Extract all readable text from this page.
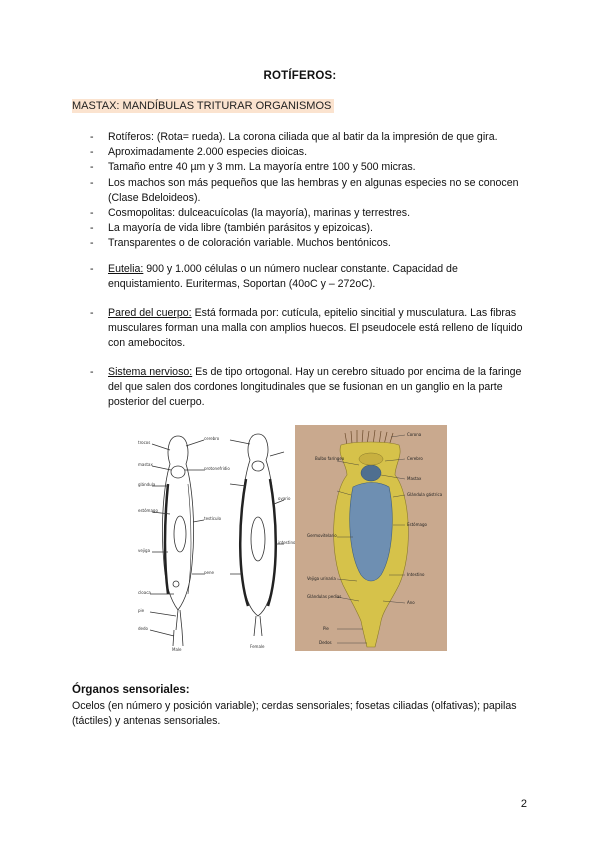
ROTÍFEROS:
MASTAX: MANDÍBULAS TRITURAR ORGANISMOS
- Rotíferos: (Rota= rueda). La corona ciliada que al batir da la impresión de que gira.
- Aproximadamente 2.000 especies dioicas.
- Tamaño entre 40 µm y 3 mm. La mayoría entre 100 y 500 micras.
- Los machos son más pequeños que las hembras y en algunas especies no se conocen (Clase Bdeloideos).
- Cosmopolitas: dulceacuícolas (la mayoría), marinas y terrestres.
- La mayoría de vida libre (también parásitos y epizoicas).
- Transparentes o de coloración variable. Muchos bentónicos.
- Eutelia: 900 y 1.000 células o un número nuclear constante. Capacidad de enquistamiento. Euritermas, Soportan (40oC y – 272oC).
- Pared del cuerpo: Está formada por: cutícula, epitelio sincitial y musculatura. Las fibras musculares forman una malla con amplios huecos. El pseudocele está relleno de líquido con amebocitos.
- Sistema nervioso: Es de tipo ortogonal. Hay un cerebro situado por encima de la faringe del que salen dos cordones longitudinales que se fusionan en un ganglio en la parte posterior del cuerpo.
trocos
mastax
glándula
estómago
vejiga
cloaca
pie
dedo
cerebro
protonefridio
testículo
pene
Male
Female
ovario
intestino
Corona
Bulbo faríngeo	Cerebro
Mastax
Glándula gástrica
Estómago
Germovitelario
Intestino
Vejiga urinaria
Glándulas pedias
Ano
Pie
Dedos
Órganos sensoriales:
Ocelos (en número y posición variable); cerdas sensoriales; fosetas ciliadas (olfativas); papilas (táctiles) y antenas sensoriales.
2
